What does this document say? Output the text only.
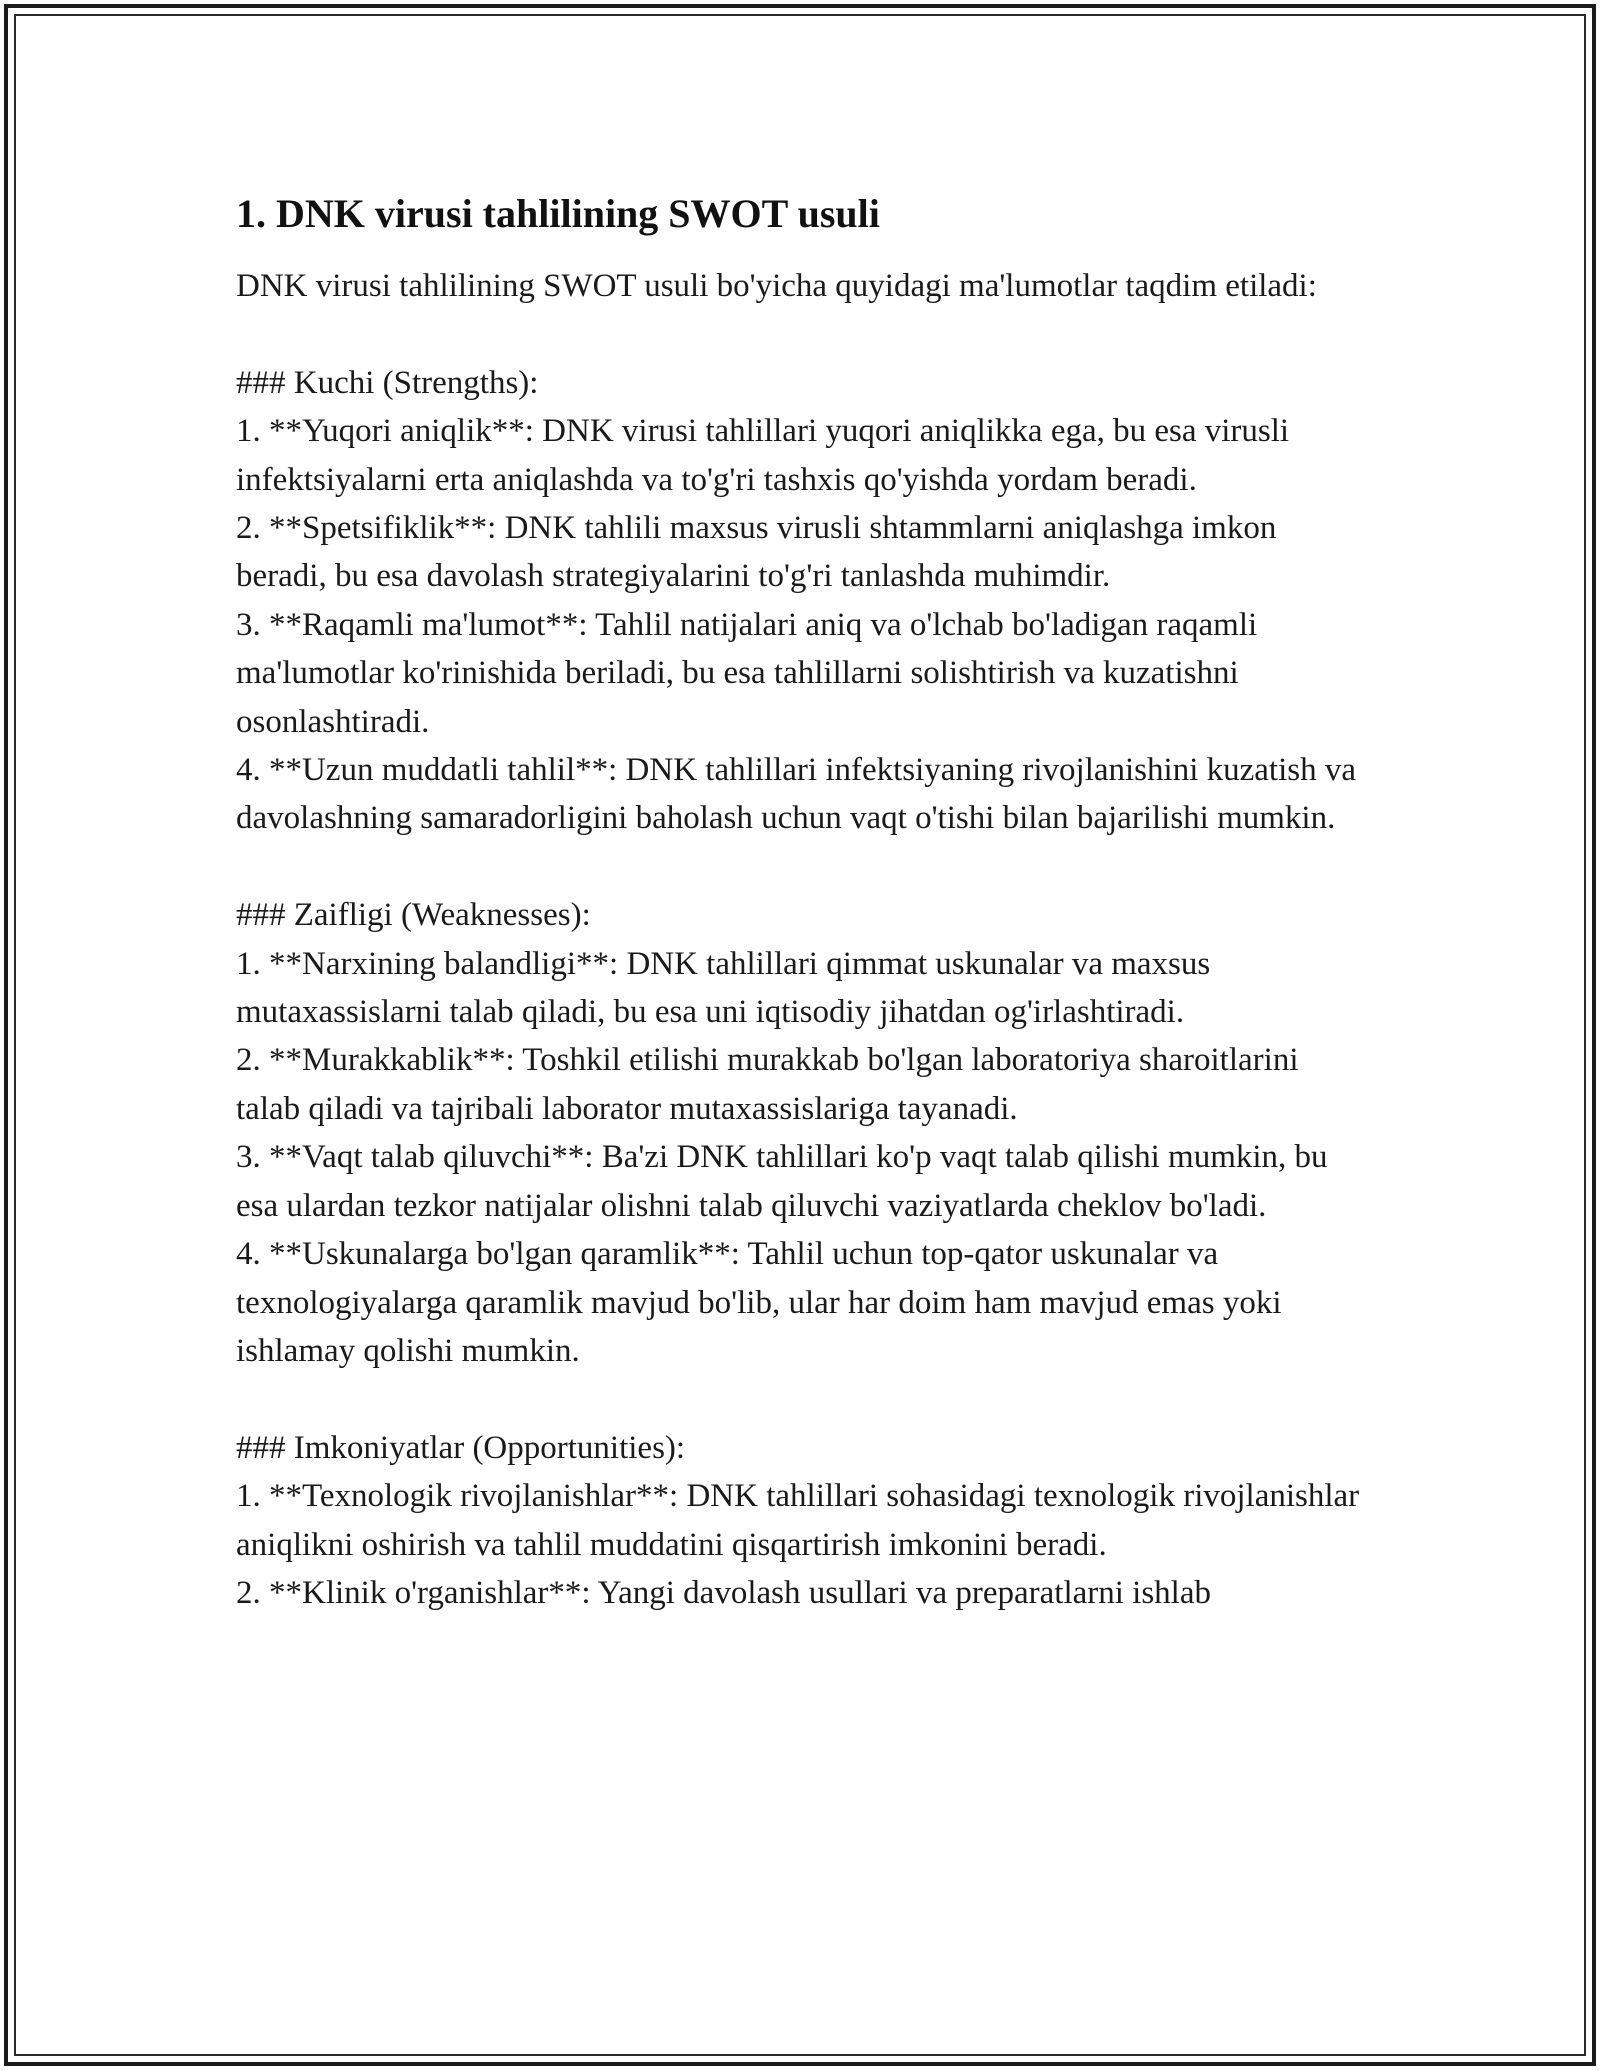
1. DNK virusi tahlilining SWOT usuli
DNK virusi tahlilining SWOT usuli bo'yicha quyidagi ma'lumotlar taqdim etiladi:
### Kuchi (Strengths):
1. **Yuqori aniqlik**: DNK virusi tahlillari yuqori aniqlikka ega, bu esa virusli infektsiyalarni erta aniqlashda va to'g'ri tashxis qo'yishda yordam beradi.
2. **Spetsifiklik**: DNK tahlili maxsus virusli shtammlarni aniqlashga imkon beradi, bu esa davolash strategiyalarini to'g'ri tanlashda muhimdir.
3. **Raqamli ma'lumot**: Tahlil natijalari aniq va o'lchab bo'ladigan raqamli ma'lumotlar ko'rinishida beriladi, bu esa tahlillarni solishtirish va kuzatishni osonlashtiradi.
4. **Uzun muddatli tahlil**: DNK tahlillari infektsiyaning rivojlanishini kuzatish va davolashning samaradorligini baholash uchun vaqt o'tishi bilan bajarilishi mumkin.
### Zaifligi (Weaknesses):
1. **Narxining balandligi**: DNK tahlillari qimmat uskunalar va maxsus mutaxassislarni talab qiladi, bu esa uni iqtisodiy jihatdan og'irlashtiradi.
2. **Murakkablik**: Toshkil etilishi murakkab bo'lgan laboratoriya sharoitlarini talab qiladi va tajribali laborator mutaxassislariga tayanadi.
3. **Vaqt talab qiluvchi**: Ba'zi DNK tahlillari ko'p vaqt talab qilishi mumkin, bu esa ulardan tezkor natijalar olishni talab qiluvchi vaziyatlarda cheklov bo'ladi.
4. **Uskunalarga bo'lgan qaramlik**: Tahlil uchun top-qator uskunalar va texnologiyalarga qaramlik mavjud bo'lib, ular har doim ham mavjud emas yoki ishlamay qolishi mumkin.
### Imkoniyatlar (Opportunities):
1. **Texnologik rivojlanishlar**: DNK tahlillari sohasidagi texnologik rivojlanishlar aniqlikni oshirish va tahlil muddatini qisqartirish imkonini beradi.
2. **Klinik o'rganishlar**: Yangi davolash usullari va preparatlarni ishlab
